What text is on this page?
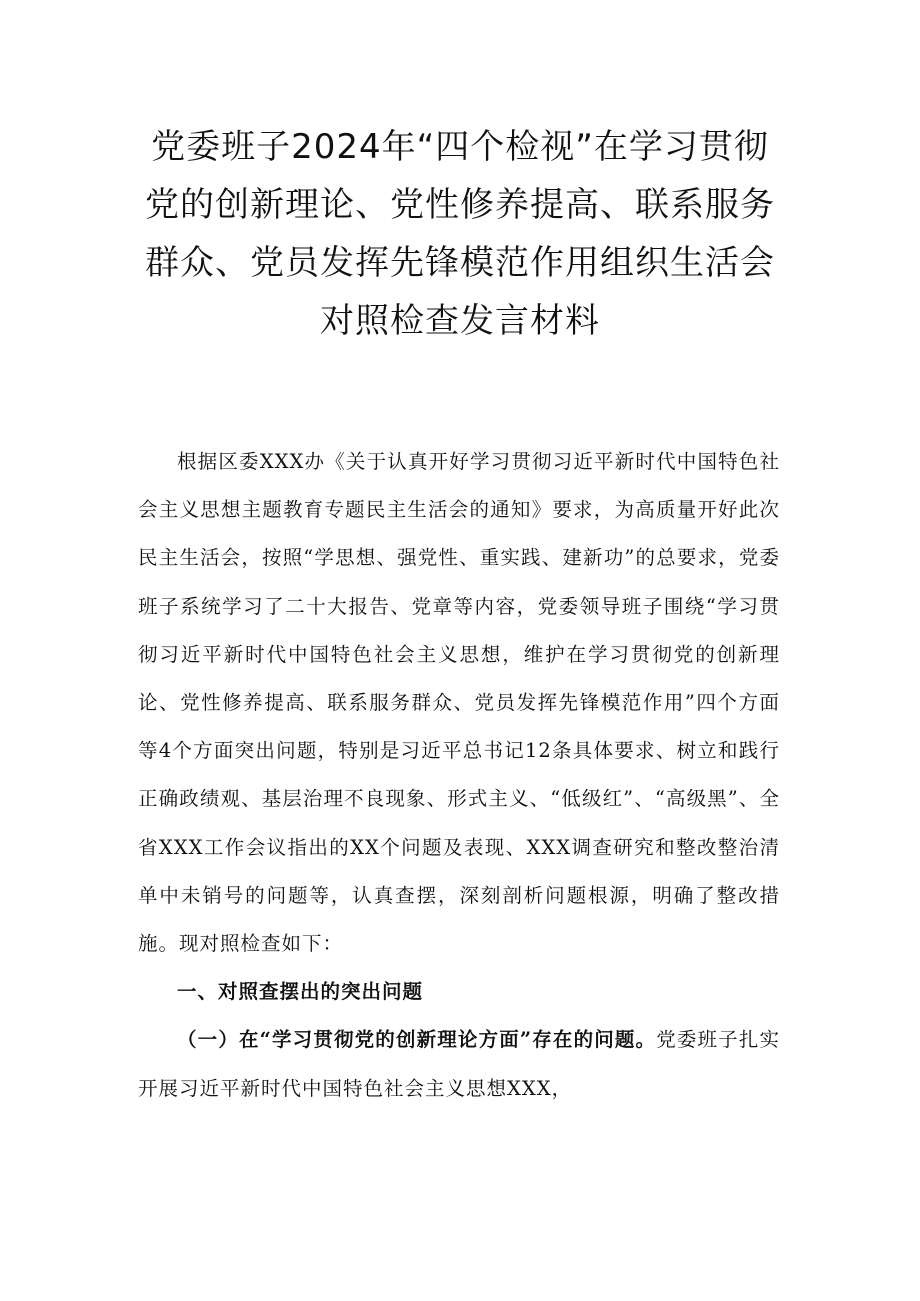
党委班子2024年“四个检视”在学习贯彻
党的创新理论、党性修养提高、联系服务
群众、党员发挥先锋模范作用组织生活会
对照检查发言材料

根据区委XXX办《关于认真开好学习贯彻习近平新时代中国特色社会主义思想主题教育专题民主生活会的通知》要求，为高质量开好此次民主生活会，按照“学思想、强党性、重实践、建新功”的总要求，党委班子系统学习了二十大报告、党章等内容，党委领导班子围绕“学习贯彻习近平新时代中国特色社会主义思想，维护在学习贯彻党的创新理论、党性修养提高、联系服务群众、党员发挥先锋模范作用”四个方面等4个方面突出问题，特别是习近平总书记12条具体要求、树立和践行正确政绩观、基层治理不良现象、形式主义、“低级红”、“高级黑”、全省XXX工作会议指出的XX个问题及表现、XXX调查研究和整改整治清单中未销号的问题等，认真查摆，深刻剖析问题根源，明确了整改措施。现对照检查如下：

一、对照查摆出的突出问题

（一）在“学习贯彻党的创新理论方面”存在的问题。党委班子扎实开展习近平新时代中国特色社会主义思想XXX，
